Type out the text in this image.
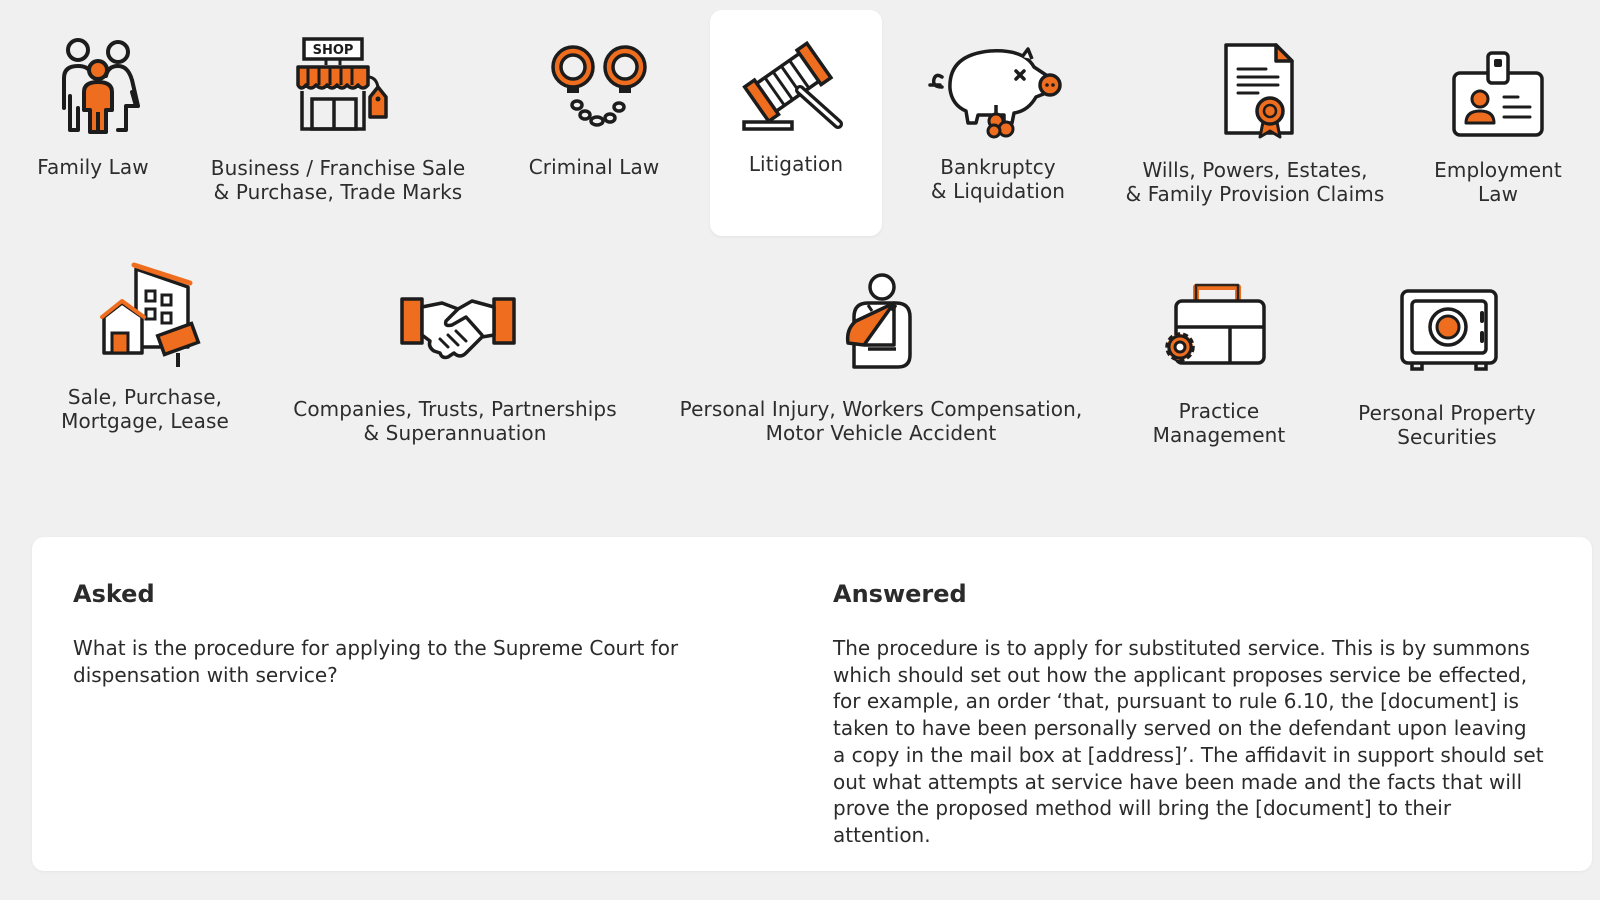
Family Law
SHOP
Business / Franchise Sale
& Purchase, Trade Marks
Criminal Law	Litigation	Bankruptcy
& Liquidation
Wills, Powers, Estates,
& Family Provision Claims
Employment
Law
Sale, Purchase,
Mortgage, Lease	Companies, Trusts, Partnerships
& Superannuation
Personal Injury, Workers Compensation,
Motor Vehicle Accident
Practice
Management
Personal Property
Securities
Asked

What is the procedure for applying to the Supreme Court for dispensation with service?

Answered

The procedure is to apply for substituted service. This is by summons which should set out how the applicant proposes service be effected, for example, an order ‘that, pursuant to rule 6.10, the [document] is taken to have been personally served on the defendant upon leaving a copy in the mail box at [address]’. The affidavit in support should set out what attempts at service have been made and the facts that will prove the proposed method will bring the [document] to their attention.
